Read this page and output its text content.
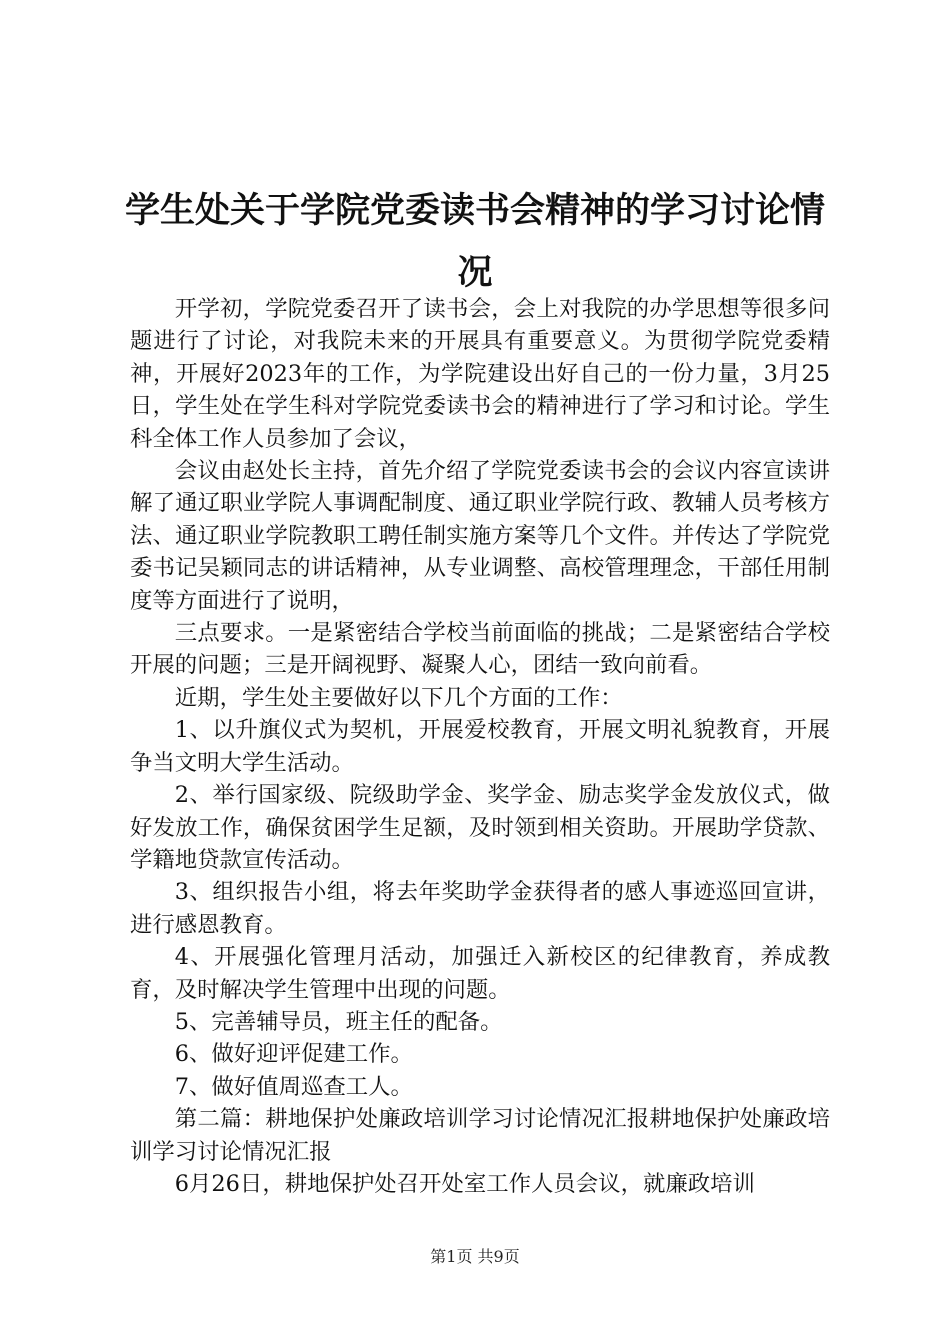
学生处关于学院党委读书会精神的学习讨论情况

开学初，学院党委召开了读书会，会上对我院的办学思想等很多问题进行了讨论，对我院未来的开展具有重要意义。为贯彻学院党委精神，开展好2023年的工作，为学院建设出好自己的一份力量，3月25日，学生处在学生科对学院党委读书会的精神进行了学习和讨论。学生科全体工作人员参加了会议，

会议由赵处长主持，首先介绍了学院党委读书会的会议内容宣读讲解了通辽职业学院人事调配制度、通辽职业学院行政、教辅人员考核方法、通辽职业学院教职工聘任制实施方案等几个文件。并传达了学院党委书记吴颖同志的讲话精神，从专业调整、高校管理理念，干部任用制度等方面进行了说明，

三点要求。一是紧密结合学校当前面临的挑战；二是紧密结合学校开展的问题；三是开阔视野、凝聚人心，团结一致向前看。

近期，学生处主要做好以下几个方面的工作：

1、以升旗仪式为契机，开展爱校教育，开展文明礼貌教育，开展争当文明大学生活动。

2、举行国家级、院级助学金、奖学金、励志奖学金发放仪式，做好发放工作，确保贫困学生足额，及时领到相关资助。开展助学贷款、学籍地贷款宣传活动。

3、组织报告小组，将去年奖助学金获得者的感人事迹巡回宣讲，进行感恩教育。

4、开展强化管理月活动，加强迁入新校区的纪律教育，养成教育，及时解决学生管理中出现的问题。

5、完善辅导员，班主任的配备。

6、做好迎评促建工作。

7、做好值周巡查工人。

第二篇：耕地保护处廉政培训学习讨论情况汇报耕地保护处廉政培训学习讨论情况汇报

6月26日，耕地保护处召开处室工作人员会议，就廉政培训

第1页 共9页
